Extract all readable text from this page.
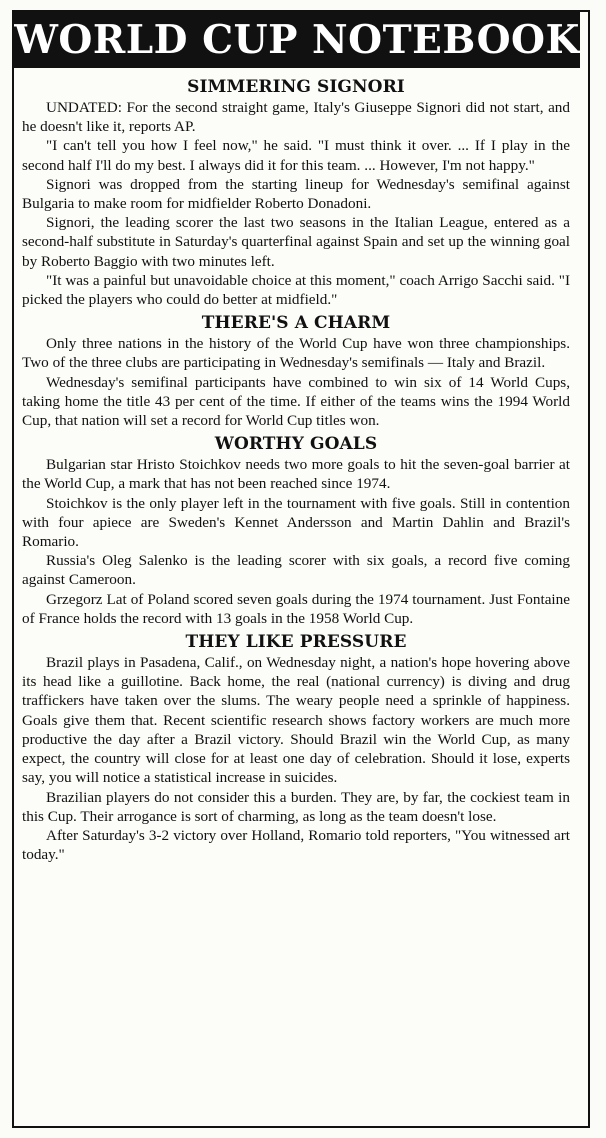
WORLD CUP NOTEBOOK
SIMMERING SIGNORI

UNDATED: For the second straight game, Italy's Giuseppe Signori did not start, and he doesn't like it, reports AP.

"I can't tell you how I feel now," he said. "I must think it over. ... If I play in the second half I'll do my best. I always did it for this team. ... However, I'm not happy."

Signori was dropped from the starting lineup for Wednesday's semifinal against Bulgaria to make room for midfielder Roberto Donadoni.

Signori, the leading scorer the last two seasons in the Italian League, entered as a second-half substitute in Saturday's quarterfinal against Spain and set up the winning goal by Roberto Baggio with two minutes left.

"It was a painful but unavoidable choice at this moment," coach Arrigo Sacchi said. "I picked the players who could do better at midfield."

THERE'S A CHARM

Only three nations in the history of the World Cup have won three championships. Two of the three clubs are participating in Wednesday's semifinals — Italy and Brazil.

Wednesday's semifinal participants have combined to win six of 14 World Cups, taking home the title 43 per cent of the time. If either of the teams wins the 1994 World Cup, that nation will set a record for World Cup titles won.

WORTHY GOALS

Bulgarian star Hristo Stoichkov needs two more goals to hit the seven-goal barrier at the World Cup, a mark that has not been reached since 1974.

Stoichkov is the only player left in the tournament with five goals. Still in contention with four apiece are Sweden's Kennet Andersson and Martin Dahlin and Brazil's Romario.

Russia's Oleg Salenko is the leading scorer with six goals, a record five coming against Cameroon.

Grzegorz Lat of Poland scored seven goals during the 1974 tournament. Just Fontaine of France holds the record with 13 goals in the 1958 World Cup.

THEY LIKE PRESSURE

Brazil plays in Pasadena, Calif., on Wednesday night, a nation's hope hovering above its head like a guillotine. Back home, the real (national currency) is diving and drug traffickers have taken over the slums. The weary people need a sprinkle of happiness. Goals give them that. Recent scientific research shows factory workers are much more productive the day after a Brazil victory. Should Brazil win the World Cup, as many expect, the country will close for at least one day of celebration. Should it lose, experts say, you will notice a statistical increase in suicides.

Brazilian players do not consider this a burden. They are, by far, the cockiest team in this Cup. Their arrogance is sort of charming, as long as the team doesn't lose.

After Saturday's 3-2 victory over Holland, Romario told reporters, "You witnessed art today."
